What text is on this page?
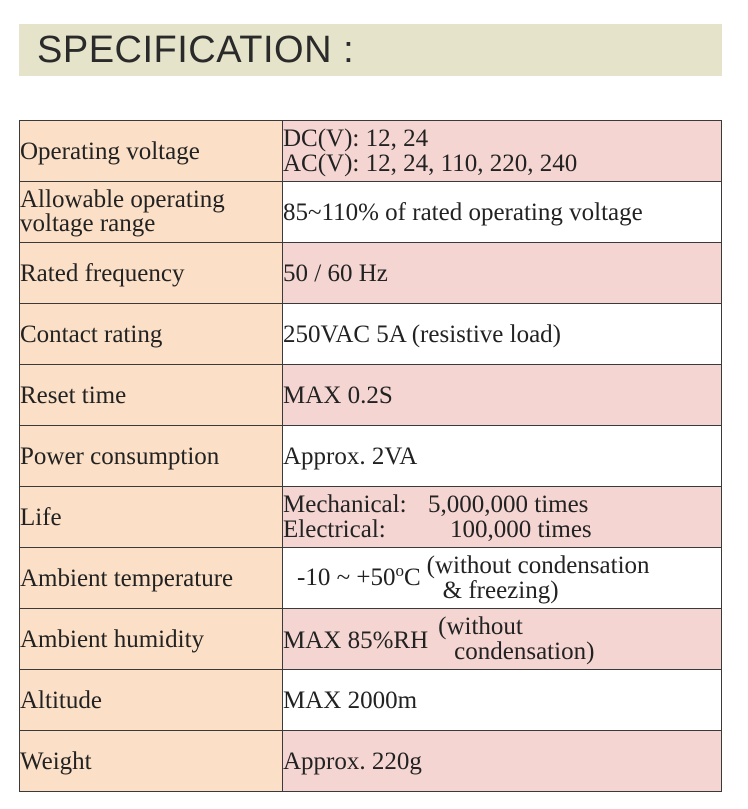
SPECIFICATION :
Operating voltage	DC(V): 12, 24
AC(V): 12, 24, 110, 220, 240

Allowable operating
voltage range	85~110% of rated operating voltage
Rated frequency	50 / 60 Hz
Contact rating	250VAC 5A (resistive load)
Reset time	MAX 0.2S
Power consumption	Approx. 2VA
Life	Mechanical: 5,000,000 times
Electrical: 100,000 times

Ambient temperature	-10 ~ $+50^oC$ (without condensation
& freezing)

Ambient humidity	MAX 85%RH
(without
condensation)

Altitude	MAX 2000m
Weight	Approx. 220g
